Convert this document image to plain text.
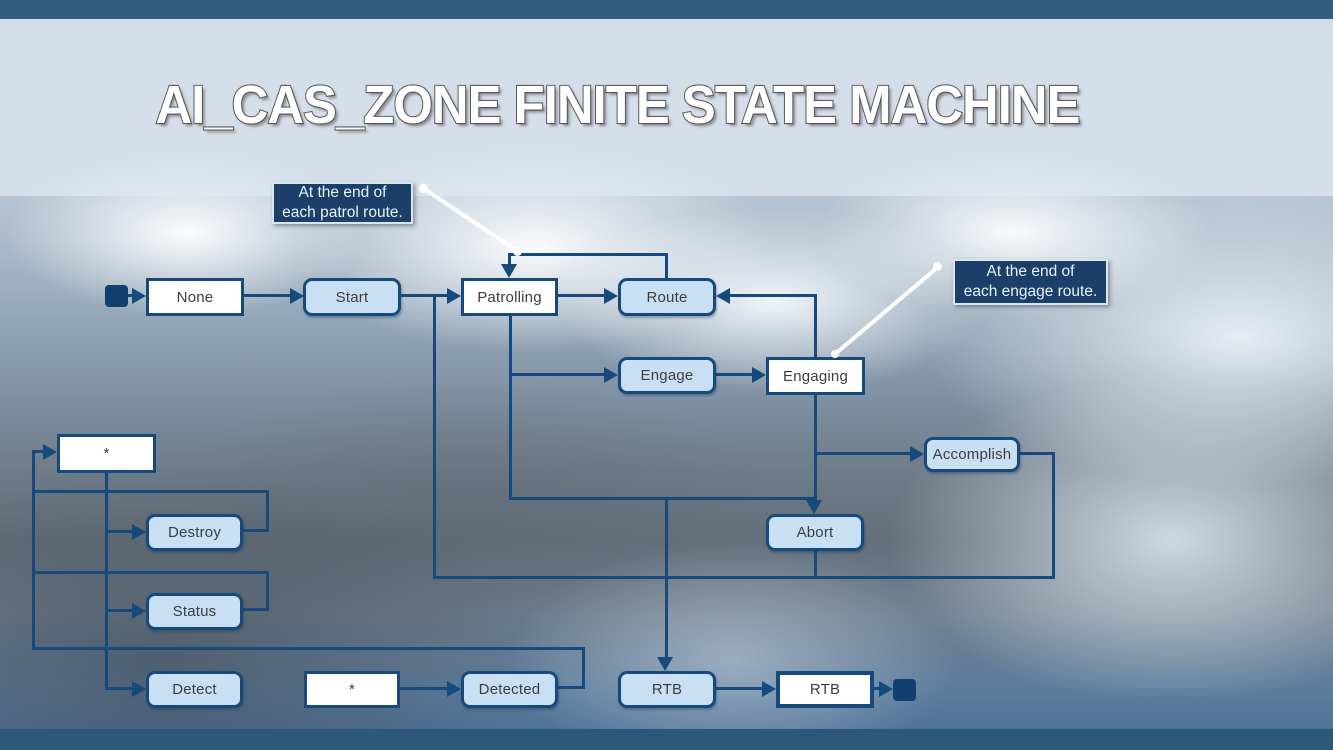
AI_CAS_ZONE FINITE STATE MACHINE
None	Start	Patrolling	Route
Engage	Engaging
Accomplish
*
Destroy	Abort
Status
Detect	*	Detected	RTB	RTB
At the end of
each patrol route.
At the end of
each engage route.
